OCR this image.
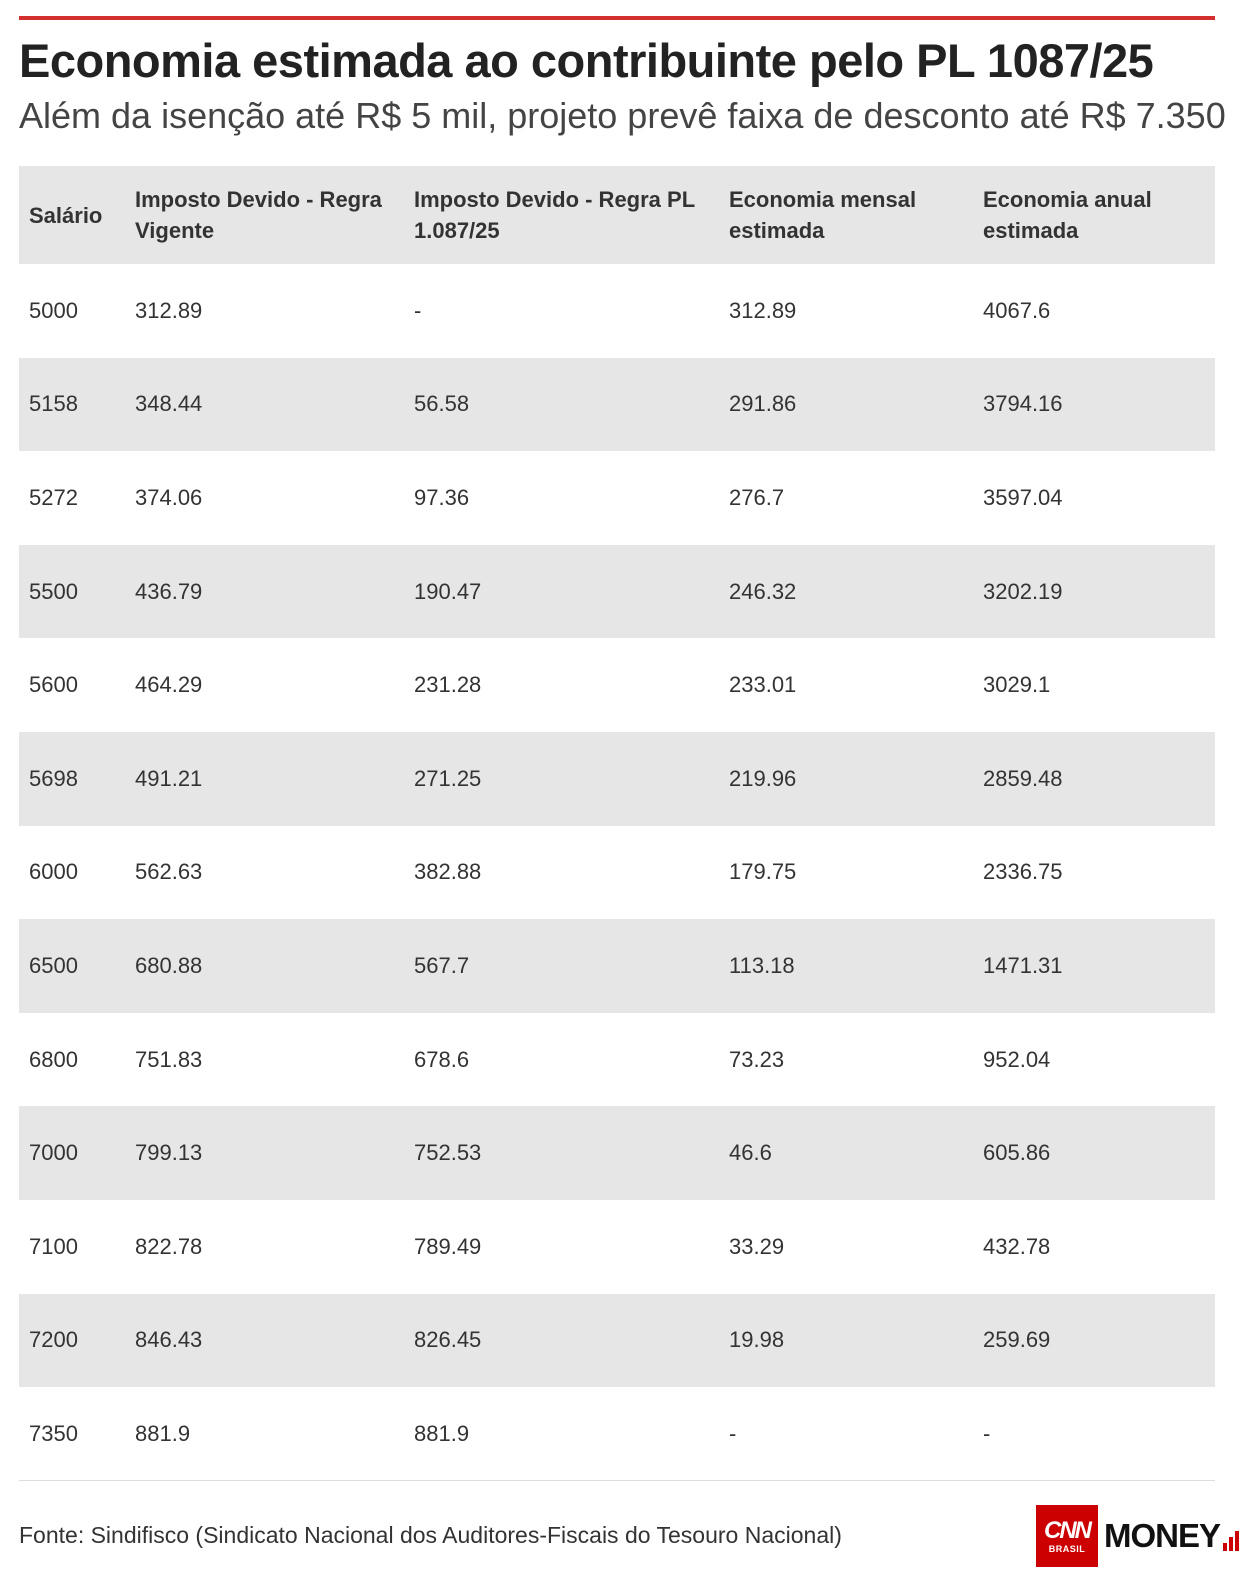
Economia estimada ao contribuinte pelo PL 1087/25
Além da isenção até R$ 5 mil, projeto prevê faixa de desconto até R$ 7.350
Salário	Imposto Devido - Regra Vigente	Imposto Devido - Regra PL 1.087/25	Economia mensal estimada	Economia anual estimada
5000	312.89	-	312.89	4067.6
5158	348.44	56.58	291.86	3794.16
5272	374.06	97.36	276.7	3597.04
5500	436.79	190.47	246.32	3202.19
5600	464.29	231.28	233.01	3029.1
5698	491.21	271.25	219.96	2859.48
6000	562.63	382.88	179.75	2336.75
6500	680.88	567.7	113.18	1471.31
6800	751.83	678.6	73.23	952.04
7000	799.13	752.53	46.6	605.86
7100	822.78	789.49	33.29	432.78
7200	846.43	826.45	19.98	259.69
7350	881.9	881.9	-	-
Fonte: Sindifisco (Sindicato Nacional dos Auditores-Fiscais do Tesouro Nacional)	CNN
BRASIL MONEY
